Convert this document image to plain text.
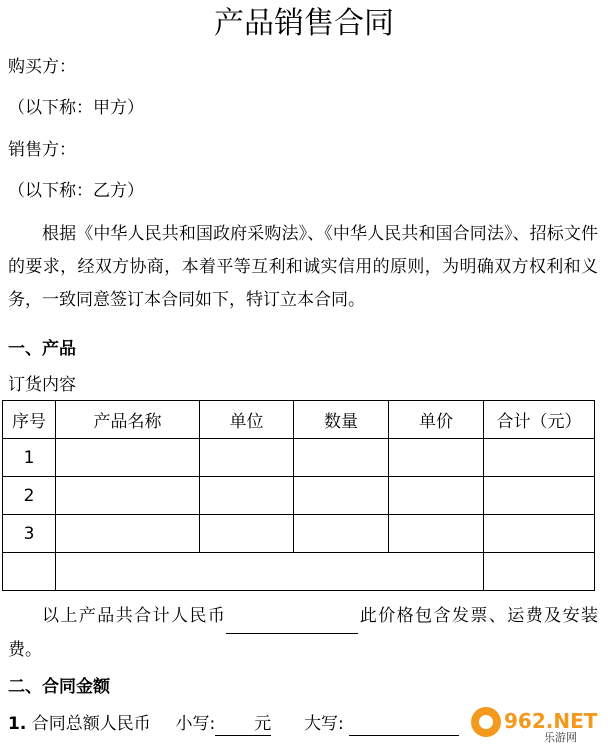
产品销售合同
购买方：
（以下称：甲方）
销售方：
（以下称：乙方）

根据《中华人民共和国政府采购法》、《中华人民共和国合同法》、招标文件的要求，经双方协商，本着平等互利和诚实信用的原则，为明确双方权利和义务，一致同意签订本合同如下，特订立本合同。

一、产品
订货内容
序号	产品名称	单位	数量	单价	合计（元）
1					
2					
3					

以上产品共合计人民币	此价格包含发票、运费及安装费。

二、合同金额
1. 合同总额人民币 小写: 元 大写:	962.NET
乐游网
